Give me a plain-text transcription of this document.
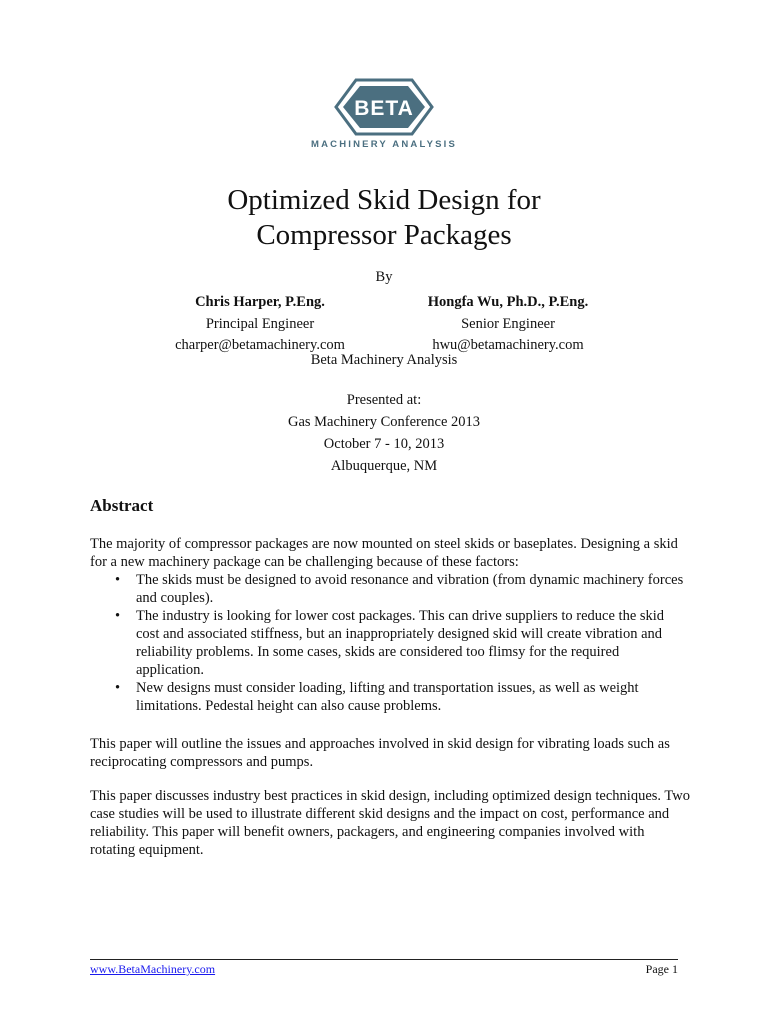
BETA
MACHINERY ANALYSIS
Optimized Skid Design for
Compressor Packages
By
Chris Harper, P.Eng.
Principal Engineer
charper@betamachinery.com
Hongfa Wu, Ph.D., P.Eng.
Senior Engineer
hwu@betamachinery.com
Beta Machinery Analysis
Presented at:
Gas Machinery Conference 2013
October 7 - 10, 2013
Albuquerque, NM
Abstract
The majority of compressor packages are now mounted on steel skids or baseplates. Designing a skid for a new machinery package can be challenging because of these factors:
• The skids must be designed to avoid resonance and vibration (from dynamic machinery forces and couples).
• The industry is looking for lower cost packages. This can drive suppliers to reduce the skid cost and associated stiffness, but an inappropriately designed skid will create vibration and reliability problems. In some cases, skids are considered too flimsy for the required application.
• New designs must consider loading, lifting and transportation issues, as well as weight limitations. Pedestal height can also cause problems.
This paper will outline the issues and approaches involved in skid design for vibrating loads such as reciprocating compressors and pumps.
This paper discusses industry best practices in skid design, including optimized design techniques. Two case studies will be used to illustrate different skid designs and the impact on cost, performance and reliability. This paper will benefit owners, packagers, and engineering companies involved with rotating equipment.
www.BetaMachinery.com	Page 1
